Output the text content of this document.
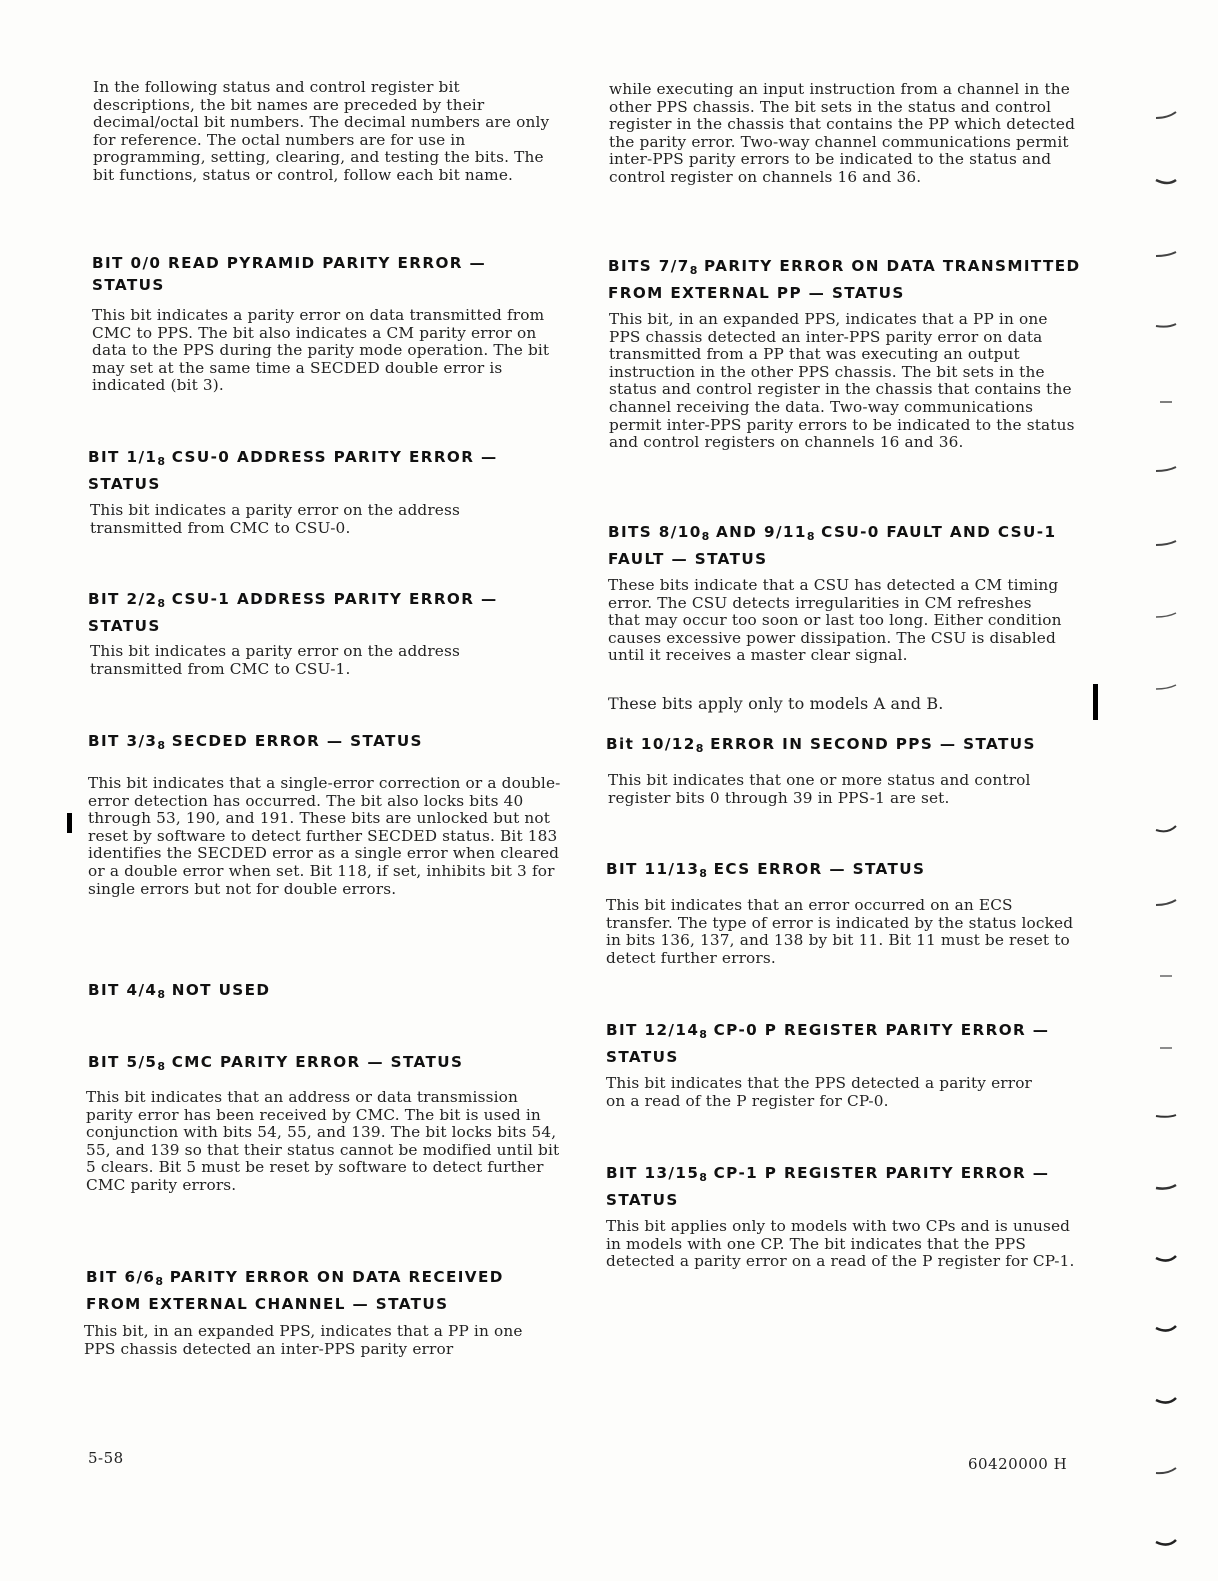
In the following status and control register bit descriptions, the bit names are preceded by their decimal/octal bit numbers. The decimal numbers are only for reference. The octal numbers are for use in programming, setting, clearing, and testing the bits. The bit functions, status or control, follow each bit name.

BIT 0/0 READ PYRAMID PARITY ERROR — STATUS

This bit indicates a parity error on data transmitted from CMC to PPS. The bit also indicates a CM parity error on data to the PPS during the parity mode operation. The bit may set at the same time a SECDED double error is indicated (bit 3).

BIT $1/1_8$ CSU-0 ADDRESS PARITY ERROR — STATUS

This bit indicates a parity error on the address transmitted from CMC to CSU-0.

BIT $2/2_8$ CSU-1 ADDRESS PARITY ERROR — STATUS

This bit indicates a parity error on the address transmitted from CMC to CSU-1.

BIT $3/3_8$ SECDED ERROR — STATUS

This bit indicates that a single-error correction or a double-error detection has occurred. The bit also locks bits 40 through 53, 190, and 191. These bits are unlocked but not reset by software to detect further SECDED status. Bit 183 identifies the SECDED error as a single error when cleared or a double error when set. Bit 118, if set, inhibits bit 3 for single errors but not for double errors.

BIT $4/4_8$ NOT USED
BIT $5/5_8$ CMC PARITY ERROR — STATUS

This bit indicates that an address or data transmission parity error has been received by CMC. The bit is used in conjunction with bits 54, 55, and 139. The bit locks bits 54, 55, and 139 so that their status cannot be modified until bit 5 clears. Bit 5 must be reset by software to detect further CMC parity errors.

BIT $6/6_8$ PARITY ERROR ON DATA RECEIVED FROM EXTERNAL CHANNEL — STATUS

This bit, in an expanded PPS, indicates that a PP in one PPS chassis detected an inter-PPS parity error

while executing an input instruction from a channel in the other PPS chassis. The bit sets in the status and control register in the chassis that contains the PP which detected the parity error. Two-way channel communications permit inter-PPS parity errors to be indicated to the status and control register on channels 16 and 36.

BITS $7/7_8$ PARITY ERROR ON DATA TRANSMITTED FROM EXTERNAL PP — STATUS

This bit, in an expanded PPS, indicates that a PP in one PPS chassis detected an inter-PPS parity error on data transmitted from a PP that was executing an output instruction in the other PPS chassis. The bit sets in the status and control register in the chassis that contains the channel receiving the data. Two-way communications permit inter-PPS parity errors to be indicated to the status and control registers on channels 16 and 36.

BITS $8/10_8$ AND $9/11_8$ CSU-0 FAULT AND CSU-1 FAULT — STATUS

These bits indicate that a CSU has detected a CM timing error. The CSU detects irregularities in CM refreshes that may occur too soon or last too long. Either condition causes excessive power dissipation. The CSU is disabled until it receives a master clear signal.

These bits apply only to models A and B.

Bit $10/12_8$ ERROR IN SECOND PPS — STATUS

This bit indicates that one or more status and control register bits 0 through 39 in PPS-1 are set.

BIT $11/13_8$ ECS ERROR — STATUS

This bit indicates that an error occurred on an ECS transfer. The type of error is indicated by the status locked in bits 136, 137, and 138 by bit 11. Bit 11 must be reset to detect further errors.

BIT $12/14_8$ CP-0 P REGISTER PARITY ERROR — STATUS

This bit indicates that the PPS detected a parity error on a read of the P register for CP-0.

BIT $13/15_8$ CP-1 P REGISTER PARITY ERROR — STATUS

This bit applies only to models with two CPs and is unused in models with one CP. The bit indicates that the PPS detected a parity error on a read of the P register for CP-1.

5-58	60420000 H
